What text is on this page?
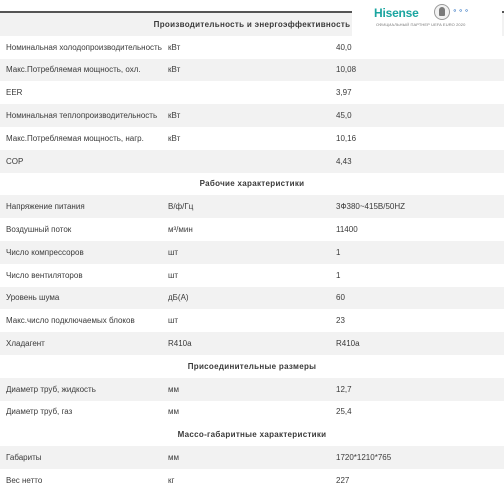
Hisense	⚬⚬⚬
ОФИЦИАЛЬНЫЙ ПАРТНЕР UEFA EURO 2020
Производительность и энергоэффективность		
Номинальная холодопроизводительность	кВт	40,0
Макс.Потребляемая мощность, охл.	кВт	10,08
EER		3,97
Номинальная теплопроизводительность	кВт	45,0
Макс.Потребляемая мощность, нагр.	кВт	10,16
COP		4,43
Рабочие характеристики		
Напряжение питания	В/ф/Гц	3Ф380~415В/50HZ
Воздушный поток	м³/мин	11400
Число компрессоров	шт	1
Число вентиляторов	шт	1
Уровень шума	дБ(А)	60
Макс.число подключаемых блоков	шт	23
Хладагент	R410a	R410a
Присоединительные размеры		
Диаметр труб, жидкость	мм	12,7
Диаметр труб, газ	мм	25,4
Массо-габаритные характеристики		
Габариты	мм	1720*1210*765
Вес нетто	кг	227
